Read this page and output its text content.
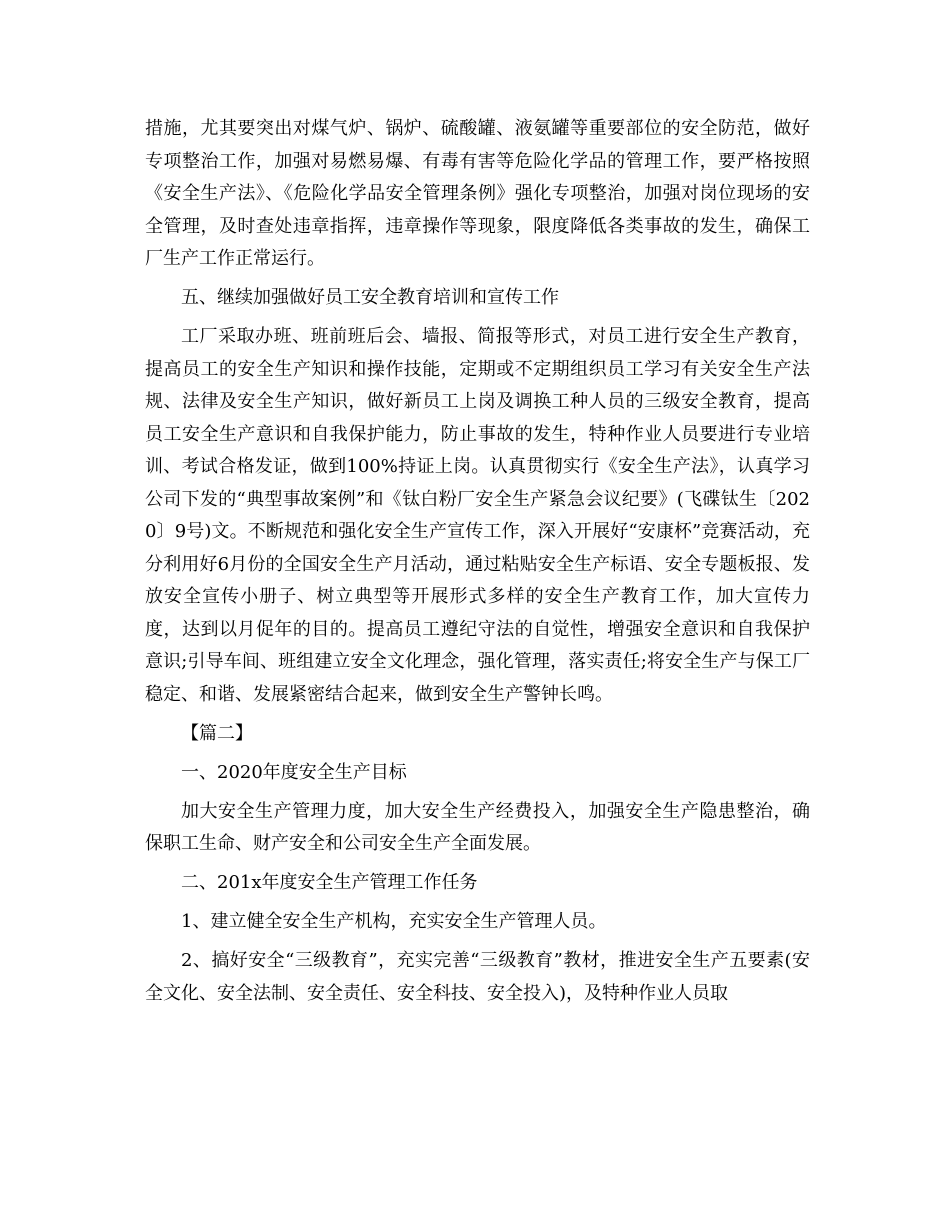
措施，尤其要突出对煤气炉、锅炉、硫酸罐、液氨罐等重要部位的安全防范，做好专项整治工作，加强对易燃易爆、有毒有害等危险化学品的管理工作，要严格按照《安全生产法》、《危险化学品安全管理条例》强化专项整治，加强对岗位现场的安全管理，及时查处违章指挥，违章操作等现象，限度降低各类事故的发生，确保工厂生产工作正常运行。

五、继续加强做好员工安全教育培训和宣传工作

工厂采取办班、班前班后会、墙报、简报等形式，对员工进行安全生产教育，提高员工的安全生产知识和操作技能，定期或不定期组织员工学习有关安全生产法规、法律及安全生产知识，做好新员工上岗及调换工种人员的三级安全教育，提高员工安全生产意识和自我保护能力，防止事故的发生，特种作业人员要进行专业培训、考试合格发证，做到100%持证上岗。认真贯彻实行《安全生产法》，认真学习公司下发的“典型事故案例”和《钛白粉厂安全生产紧急会议纪要》(飞碟钛生〔2020〕9号)文。不断规范和强化安全生产宣传工作，深入开展好“安康杯”竞赛活动，充分利用好6月份的全国安全生产月活动，通过粘贴安全生产标语、安全专题板报、发放安全宣传小册子、树立典型等开展形式多样的安全生产教育工作，加大宣传力度，达到以月促年的目的。提高员工遵纪守法的自觉性，增强安全意识和自我保护意识;引导车间、班组建立安全文化理念，强化管理，落实责任;将安全生产与保工厂稳定、和谐、发展紧密结合起来，做到安全生产警钟长鸣。

【篇二】

一、2020年度安全生产目标

加大安全生产管理力度，加大安全生产经费投入，加强安全生产隐患整治，确保职工生命、财产安全和公司安全生产全面发展。

二、201x年度安全生产管理工作任务

1、建立健全安全生产机构，充实安全生产管理人员。

2、搞好安全“三级教育”，充实完善“三级教育”教材，推进安全生产五要素(安全文化、安全法制、安全责任、安全科技、安全投入)，及特种作业人员取
